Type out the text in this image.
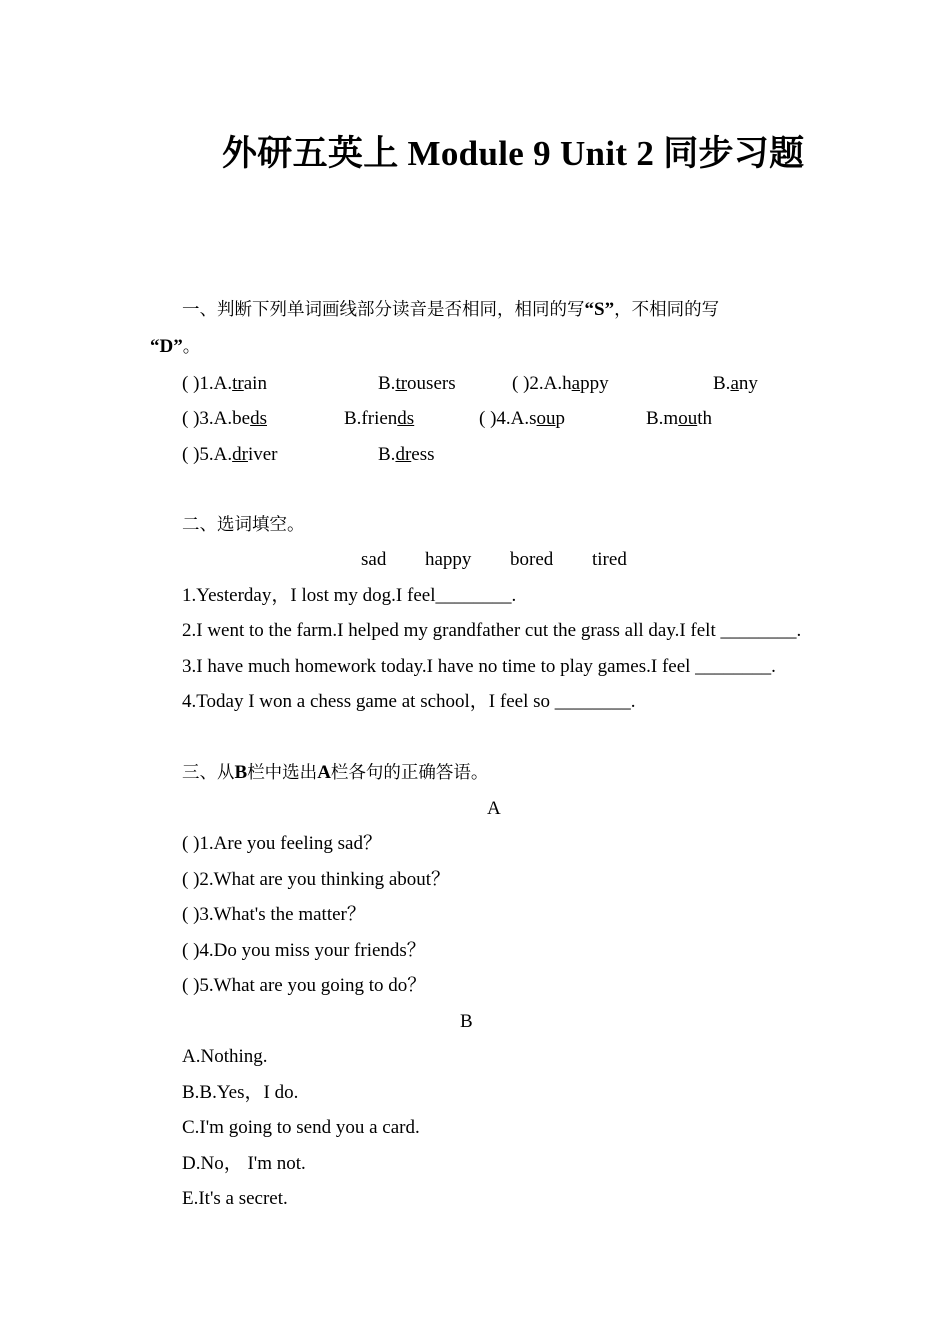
外研五英上 Module 9 Unit 2 同步习题
一、判断下列单词画线部分读音是否相同，相同的写“S”，不相同的写
“D”。
( )1.A.train	B.trousers	( )2.A.happy	B.any
( )3.A.beds	B.friends	( )4.A.soup	B.mouth
( )5.A.driver	B.dress
二、选词填空。
sad happy bored tired
1.Yesterday，I lost my dog.I feel________.
2.I went to the farm.I helped my grandfather cut the grass all day.I felt ________.
3.I have much homework today.I have no time to play games.I feel ________.
4.Today I won a chess game at school，I feel so ________.
三、从B栏中选出A栏各句的正确答语。
A
( )1.Are you feeling sad？
( )2.What are you thinking about？
( )3.What's the matter？
( )4.Do you miss your friends？
( )5.What are you going to do？
B
A.Nothing.
B.B.Yes，I do.
C.I'm going to send you a card.
D.No， I'm not.
E.It's a secret.
